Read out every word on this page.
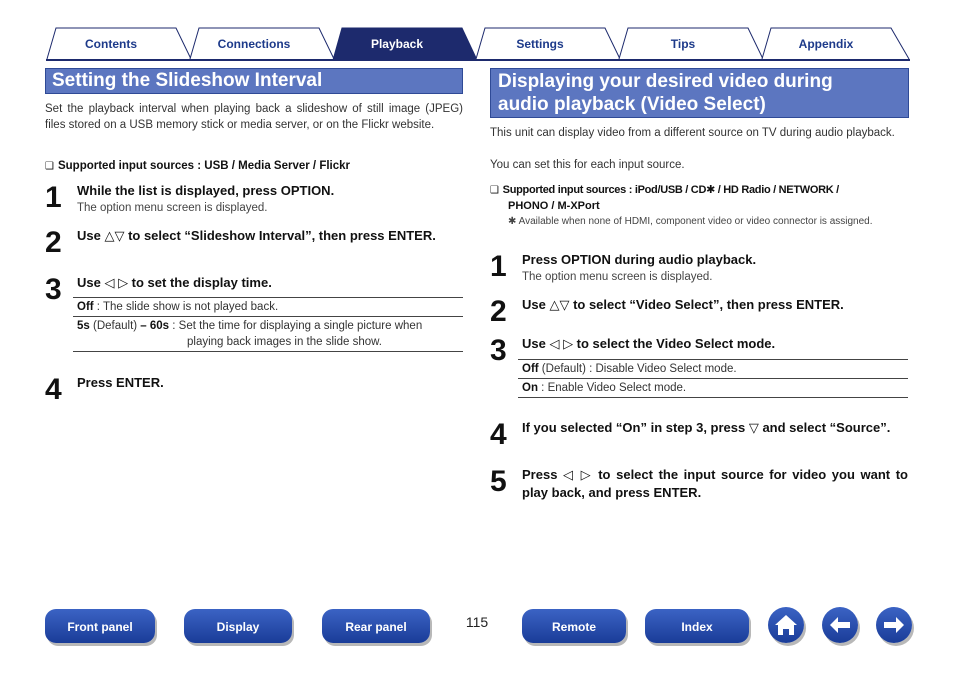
Contents	Connections	Playback	Settings	Tips	Appendix
Setting the Slideshow Interval
Set the playback interval when playing back a slideshow of still image (JPEG) files stored on a USB memory stick or media server, or on the Flickr website.
❑ Supported input sources : USB / Media Server / Flickr
1 While the list is displayed, press OPTION.
The option menu screen is displayed.
2 Use △▽ to select “Slideshow Interval”, then press ENTER.
3 Use ◁ ▷ to set the display time.
Off : The slide show is not played back.
5s (Default) – 60s : Set the time for displaying a single picture when playing back images in the slide show.
4 Press ENTER.
Displaying your desired video during
audio playback (Video Select)
This unit can display video from a different source on TV during audio playback.
You can set this for each input source.
❑ Supported input sources : iPod/USB / CD✱ / HD Radio / NETWORK /
PHONO / M-XPort
✱ Available when none of HDMI, component video or video connector is assigned.
1 Press OPTION during audio playback.
The option menu screen is displayed.
2 Use △▽ to select “Video Select”, then press ENTER.
3 Use ◁ ▷ to select the Video Select mode.
Off (Default) : Disable Video Select mode.
On : Enable Video Select mode.
4 If you selected “On” in step 3, press ▽ and select “Source”.
5 Press ◁ ▷ to select the input source for video you want to play back, and press ENTER.
Front panel	Display	Rear panel	115	Remote	Index
